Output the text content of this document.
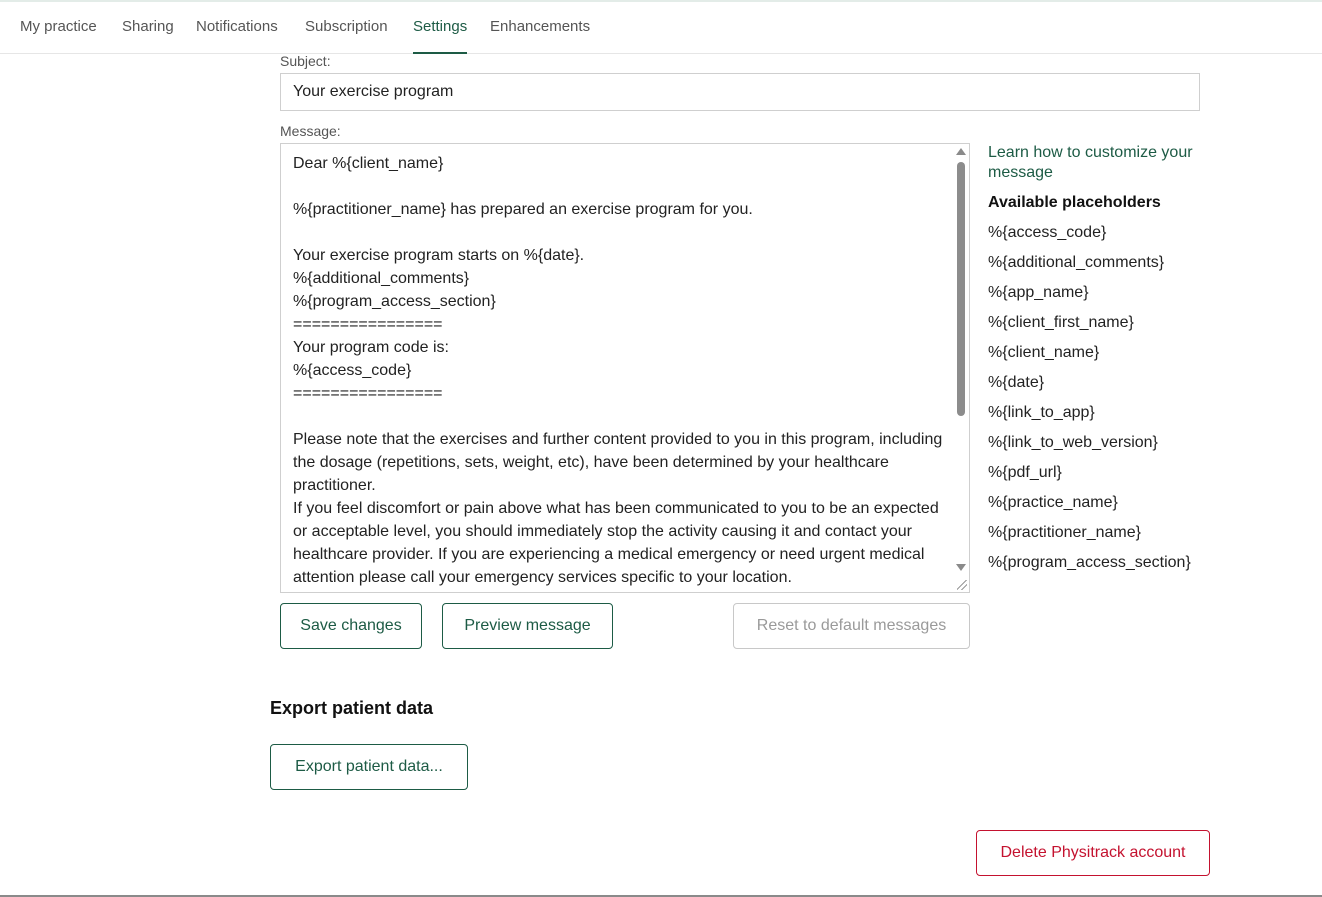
My practice Sharing Notifications Subscription Settings Enhancements
Subject:
Your exercise program
Message:
Dear %{client_name}

%{practitioner_name} has prepared an exercise program for you.

Your exercise program starts on %{date}.
%{additional_comments}
%{program_access_section}
================
Your program code is:
%{access_code}
================

Please note that the exercises and further content provided to you in this program, including the dosage (repetitions, sets, weight, etc), have been determined by your healthcare practitioner.
If you feel discomfort or pain above what has been communicated to you to be an expected or acceptable level, you should immediately stop the activity causing it and contact your healthcare provider. If you are experiencing a medical emergency or need urgent medical attention please call your emergency services specific to your location.
Learn how to customize your message
Available placeholders
%{access_code}
%{additional_comments}
%{app_name}
%{client_first_name}
%{client_name}
%{date}
%{link_to_app}
%{link_to_web_version}
%{pdf_url}
%{practice_name}
%{practitioner_name}
%{program_access_section}
Save changes	Preview message	Reset to default messages
Export patient data
Export patient data...
Delete Physitrack account
